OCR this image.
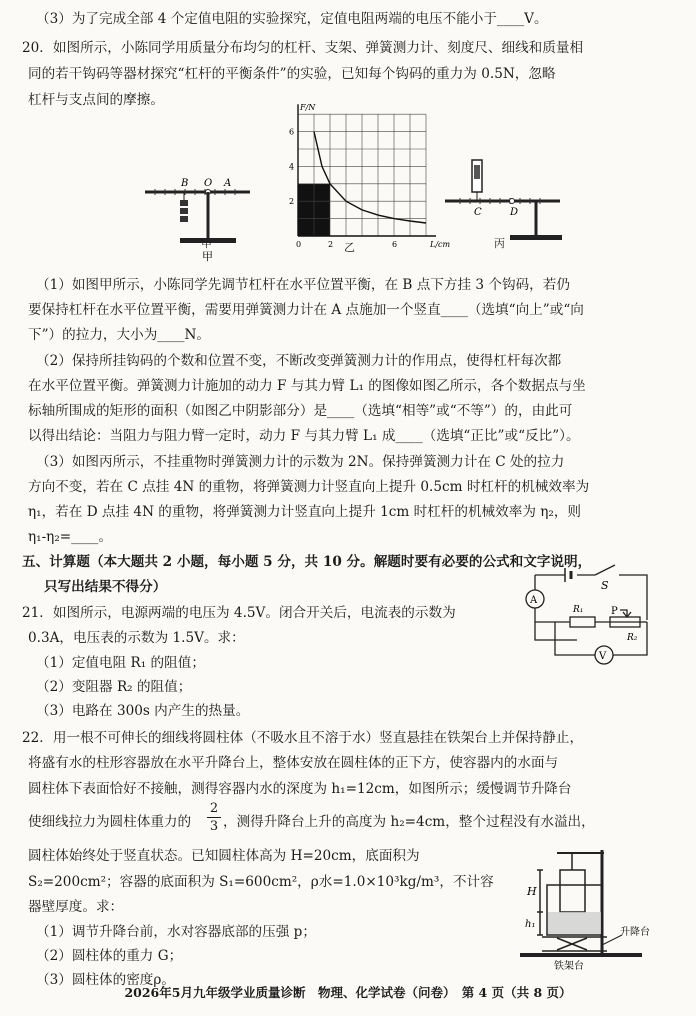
（3）为了完成全部 4 个定值电阻的实验探究，定值电阻两端的电压不能小于____V。
20．如图所示，小陈同学用质量分布均匀的杠杆、支架、弹簧测力计、刻度尺、细线和质量相
同的若干钩码等器材探究“杠杆的平衡条件”的实验，已知每个钩码的重力为 0.5N，忽略
杠杆与支点间的摩擦。
B O A
甲
甲
2
4
6
0	2	6
F/N
L/cm
乙
C	D
丙
（1）如图甲所示，小陈同学先调节杠杆在水平位置平衡，在 B 点下方挂 3 个钩码，若仍
要保持杠杆在水平位置平衡，需要用弹簧测力计在 A 点施加一个竖直____（选填“向上”或“向
下”）的拉力，大小为____N。
（2）保持所挂钩码的个数和位置不变，不断改变弹簧测力计的作用点，使得杠杆每次都
在水平位置平衡。弹簧测力计施加的动力 F 与其力臂 L₁ 的图像如图乙所示，各个数据点与坐
标轴所围成的矩形的面积（如图乙中阴影部分）是____（选填“相等”或“不等”）的，由此可
以得出结论：当阻力与阻力臂一定时，动力 F 与其力臂 L₁ 成____（选填“正比”或“反比”）。
（3）如图丙所示，不挂重物时弹簧测力计的示数为 2N。保持弹簧测力计在 C 处的拉力
方向不变，若在 C 点挂 4N 的重物，将弹簧测力计竖直向上提升 0.5cm 时杠杆的机械效率为
η₁，若在 D 点挂 4N 的重物，将弹簧测力计竖直向上提升 1cm 时杠杆的机械效率为 η₂，则
η₁-η₂=____。
五、计算题（本大题共 2 小题，每小题 5 分，共 10 分。解题时要有必要的公式和文字说明，
只写出结果不得分）
21．如图所示，电源两端的电压为 4.5V。闭合开关后，电流表的示数为
0.3A，电压表的示数为 1.5V。求：
（1）定值电阻 R₁ 的阻值；
（2）变阻器 R₂ 的阻值；
（3）电路在 300s 内产生的热量。
S
A
V
R₁	P
R₂
22．用一根不可伸长的细线将圆柱体（不吸水且不溶于水）竖直悬挂在铁架台上并保持静止，
将盛有水的柱形容器放在水平升降台上，整体安放在圆柱体的正下方，使容器内的水面与
圆柱体下表面恰好不接触，测得容器内水的深度为 h₁=12cm，如图所示；缓慢调节升降台
使细线拉力为圆柱体重力的 $\frac{2}{3}$ ，测得升降台上升的高度为 h₂=4cm，整个过程没有水溢出，
圆柱体始终处于竖直状态。已知圆柱体高为 H=20cm，底面积为
S₂=200cm²；容器的底面积为 S₁=600cm²，ρ水=1.0×10³kg/m³，不计容
器壁厚度。求：
（1）调节升降台前，水对容器底部的压强 p；
（2）圆柱体的重力 G；
H
h₁
升降台
铁架台
（3）圆柱体的密度ρ。
2026年5月九年级学业质量诊断　物理、化学试卷（问卷）　第 4 页（共 8 页）
